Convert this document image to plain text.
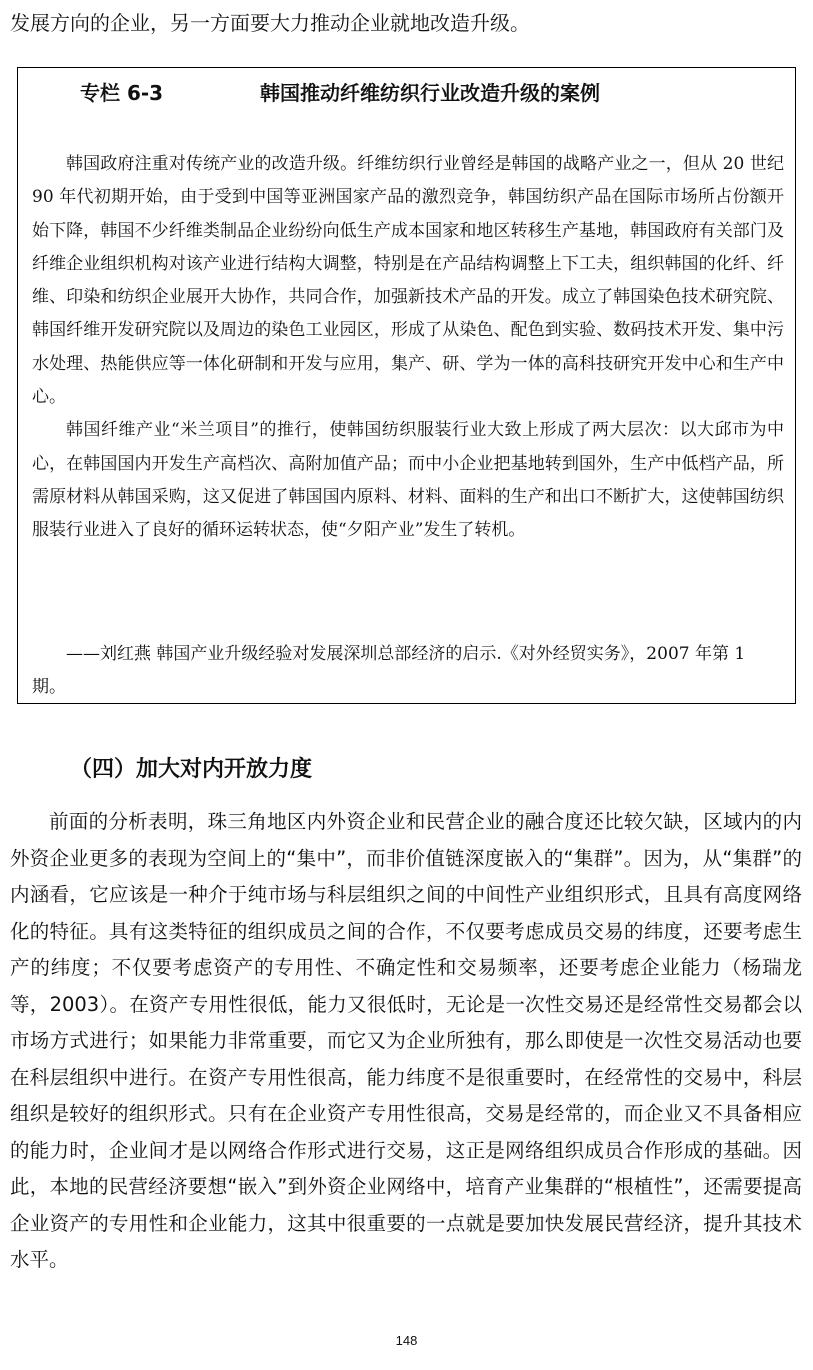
发展方向的企业，另一方面要大力推动企业就地改造升级。
专栏 6-3	韩国推动纤维纺织行业改造升级的案例

韩国政府注重对传统产业的改造升级。纤维纺织行业曾经是韩国的战略产业之一，但从 20 世纪 90 年代初期开始，由于受到中国等亚洲国家产品的激烈竞争，韩国纺织产品在国际市场所占份额开始下降，韩国不少纤维类制品企业纷纷向低生产成本国家和地区转移生产基地，韩国政府有关部门及纤维企业组织机构对该产业进行结构大调整，特别是在产品结构调整上下工夫，组织韩国的化纤、纤维、印染和纺织企业展开大协作，共同合作，加强新技术产品的开发。成立了韩国染色技术研究院、韩国纤维开发研究院以及周边的染色工业园区，形成了从染色、配色到实验、数码技术开发、集中污水处理、热能供应等一体化研制和开发与应用，集产、研、学为一体的高科技研究开发中心和生产中心。

韩国纤维产业“米兰项目”的推行，使韩国纺织服装行业大致上形成了两大层次：以大邱市为中心，在韩国国内开发生产高档次、高附加值产品；而中小企业把基地转到国外，生产中低档产品，所需原材料从韩国采购，这又促进了韩国国内原料、材料、面料的生产和出口不断扩大，这使韩国纺织服装行业进入了良好的循环运转状态，使“夕阳产业”发生了转机。

——刘红燕 韩国产业升级经验对发展深圳总部经济的启示.《对外经贸实务》，2007 年第 1 期。

（四）加大对内开放力度

前面的分析表明，珠三角地区内外资企业和民营企业的融合度还比较欠缺，区域内的内外资企业更多的表现为空间上的“集中”，而非价值链深度嵌入的“集群”。因为，从“集群”的内涵看，它应该是一种介于纯市场与科层组织之间的中间性产业组织形式，且具有高度网络化的特征。具有这类特征的组织成员之间的合作，不仅要考虑成员交易的纬度，还要考虑生产的纬度；不仅要考虑资产的专用性、不确定性和交易频率，还要考虑企业能力（杨瑞龙等，2003）。在资产专用性很低，能力又很低时，无论是一次性交易还是经常性交易都会以市场方式进行；如果能力非常重要，而它又为企业所独有，那么即使是一次性交易活动也要在科层组织中进行。在资产专用性很高，能力纬度不是很重要时，在经常性的交易中，科层组织是较好的组织形式。只有在企业资产专用性很高，交易是经常的，而企业又不具备相应的能力时，企业间才是以网络合作形式进行交易，这正是网络组织成员合作形成的基础。因此，本地的民营经济要想“嵌入”到外资企业网络中，培育产业集群的“根植性”，还需要提高企业资产的专用性和企业能力，这其中很重要的一点就是要加快发展民营经济，提升其技术水平。

148
